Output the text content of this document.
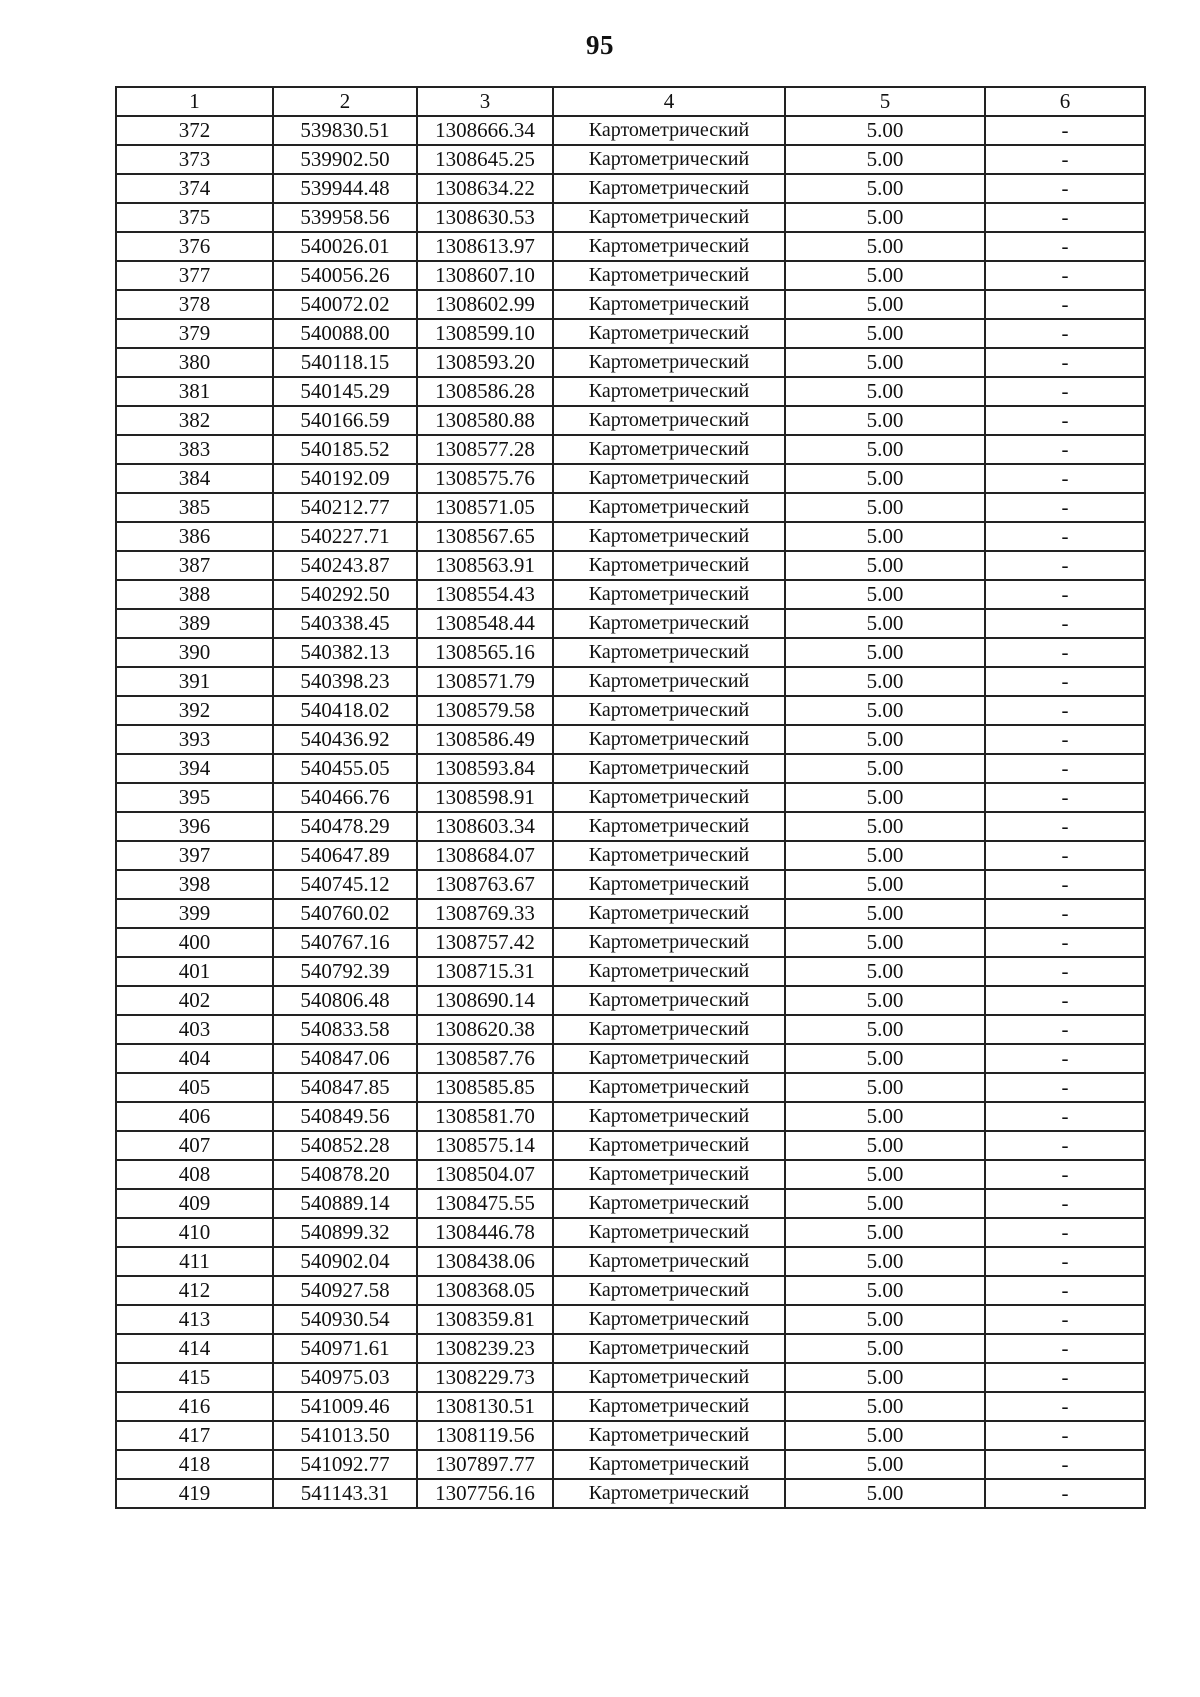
95
1	2	3	4	5	6
372	539830.51	1308666.34	Картометрический	5.00	-
373	539902.50	1308645.25	Картометрический	5.00	-
374	539944.48	1308634.22	Картометрический	5.00	-
375	539958.56	1308630.53	Картометрический	5.00	-
376	540026.01	1308613.97	Картометрический	5.00	-
377	540056.26	1308607.10	Картометрический	5.00	-
378	540072.02	1308602.99	Картометрический	5.00	-
379	540088.00	1308599.10	Картометрический	5.00	-
380	540118.15	1308593.20	Картометрический	5.00	-
381	540145.29	1308586.28	Картометрический	5.00	-
382	540166.59	1308580.88	Картометрический	5.00	-
383	540185.52	1308577.28	Картометрический	5.00	-
384	540192.09	1308575.76	Картометрический	5.00	-
385	540212.77	1308571.05	Картометрический	5.00	-
386	540227.71	1308567.65	Картометрический	5.00	-
387	540243.87	1308563.91	Картометрический	5.00	-
388	540292.50	1308554.43	Картометрический	5.00	-
389	540338.45	1308548.44	Картометрический	5.00	-
390	540382.13	1308565.16	Картометрический	5.00	-
391	540398.23	1308571.79	Картометрический	5.00	-
392	540418.02	1308579.58	Картометрический	5.00	-
393	540436.92	1308586.49	Картометрический	5.00	-
394	540455.05	1308593.84	Картометрический	5.00	-
395	540466.76	1308598.91	Картометрический	5.00	-
396	540478.29	1308603.34	Картометрический	5.00	-
397	540647.89	1308684.07	Картометрический	5.00	-
398	540745.12	1308763.67	Картометрический	5.00	-
399	540760.02	1308769.33	Картометрический	5.00	-
400	540767.16	1308757.42	Картометрический	5.00	-
401	540792.39	1308715.31	Картометрический	5.00	-
402	540806.48	1308690.14	Картометрический	5.00	-
403	540833.58	1308620.38	Картометрический	5.00	-
404	540847.06	1308587.76	Картометрический	5.00	-
405	540847.85	1308585.85	Картометрический	5.00	-
406	540849.56	1308581.70	Картометрический	5.00	-
407	540852.28	1308575.14	Картометрический	5.00	-
408	540878.20	1308504.07	Картометрический	5.00	-
409	540889.14	1308475.55	Картометрический	5.00	-
410	540899.32	1308446.78	Картометрический	5.00	-
411	540902.04	1308438.06	Картометрический	5.00	-
412	540927.58	1308368.05	Картометрический	5.00	-
413	540930.54	1308359.81	Картометрический	5.00	-
414	540971.61	1308239.23	Картометрический	5.00	-
415	540975.03	1308229.73	Картометрический	5.00	-
416	541009.46	1308130.51	Картометрический	5.00	-
417	541013.50	1308119.56	Картометрический	5.00	-
418	541092.77	1307897.77	Картометрический	5.00	-
419	541143.31	1307756.16	Картометрический	5.00	-
